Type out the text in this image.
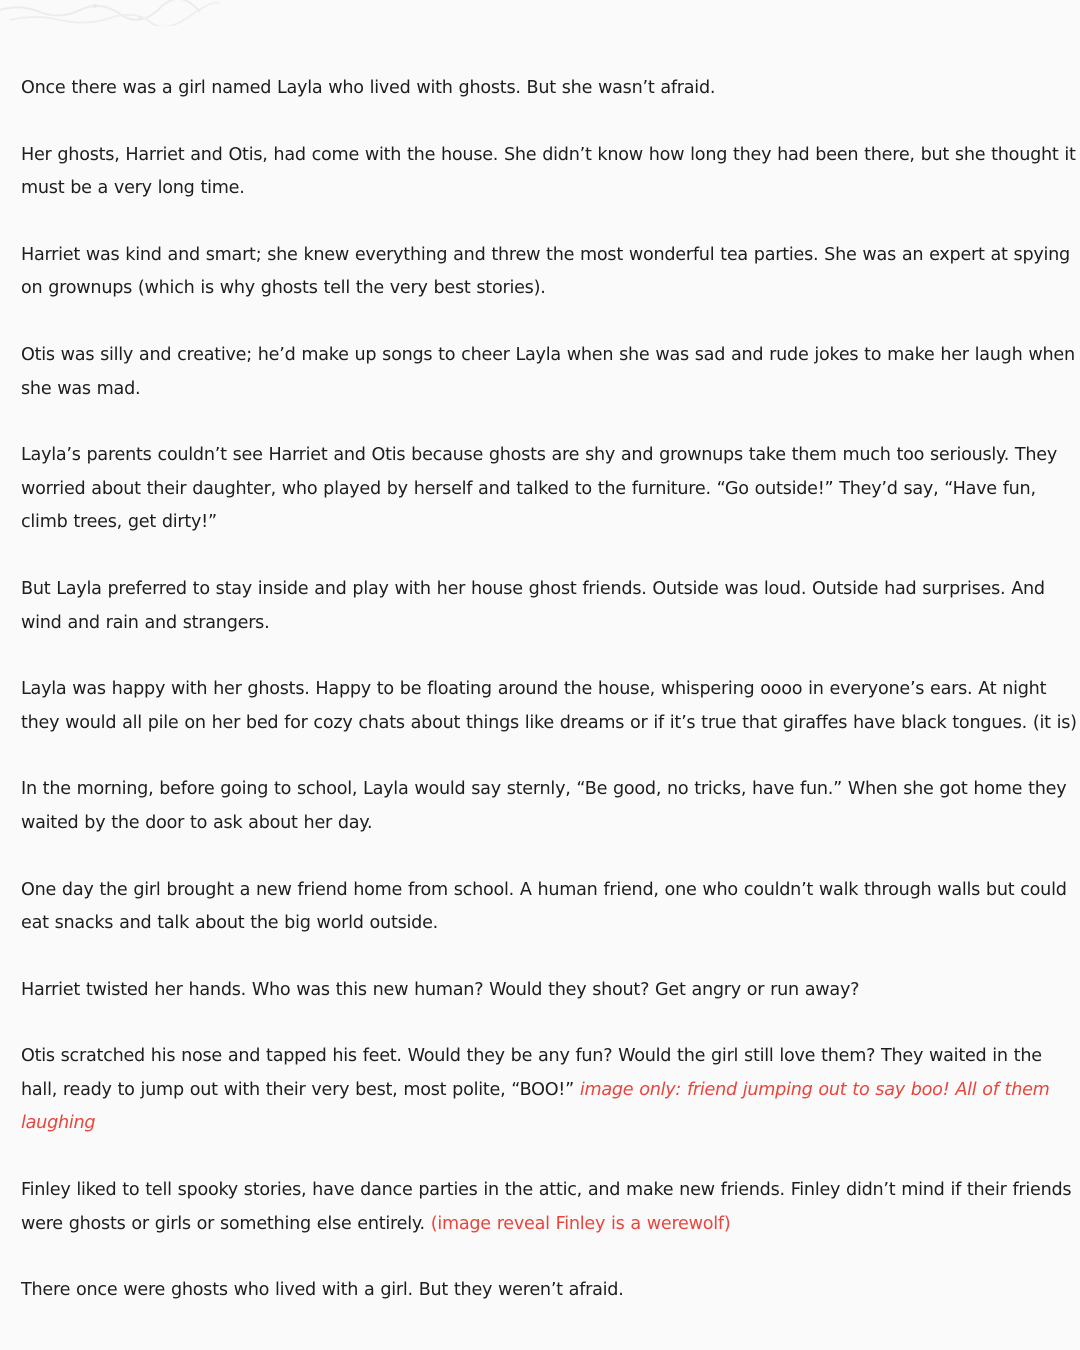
Once there was a girl named Layla who lived with ghosts. But she wasn’t afraid.

Her ghosts, Harriet and Otis, had come with the house. She didn’t know how long they had been there, but she thought it must be a very long time.

Harriet was kind and smart; she knew everything and threw the most wonderful tea parties. She was an expert at spying on grownups (which is why ghosts tell the very best stories).

Otis was silly and creative; he’d make up songs to cheer Layla when she was sad and rude jokes to make her laugh when she was mad.

Layla’s parents couldn’t see Harriet and Otis because ghosts are shy and grownups take them much too seriously. They worried about their daughter, who played by herself and talked to the furniture. “Go outside!” They’d say, “Have fun, climb trees, get dirty!”

But Layla preferred to stay inside and play with her house ghost friends. Outside was loud. Outside had surprises. And wind and rain and strangers.

Layla was happy with her ghosts. Happy to be floating around the house, whispering oooo in everyone’s ears. At night they would all pile on her bed for cozy chats about things like dreams or if it’s true that giraffes have black tongues. (it is)

In the morning, before going to school, Layla would say sternly, “Be good, no tricks, have fun.” When she got home they waited by the door to ask about her day.

One day the girl brought a new friend home from school. A human friend, one who couldn’t walk through walls but could eat snacks and talk about the big world outside.

Harriet twisted her hands. Who was this new human? Would they shout? Get angry or run away?

Otis scratched his nose and tapped his feet. Would they be any fun? Would the girl still love them? They waited in the hall, ready to jump out with their very best, most polite, “BOO!” image only: friend jumping out to say boo! All of them laughing

Finley liked to tell spooky stories, have dance parties in the attic, and make new friends. Finley didn’t mind if their friends were ghosts or girls or something else entirely. (image reveal Finley is a werewolf)

There once were ghosts who lived with a girl. But they weren’t afraid.
